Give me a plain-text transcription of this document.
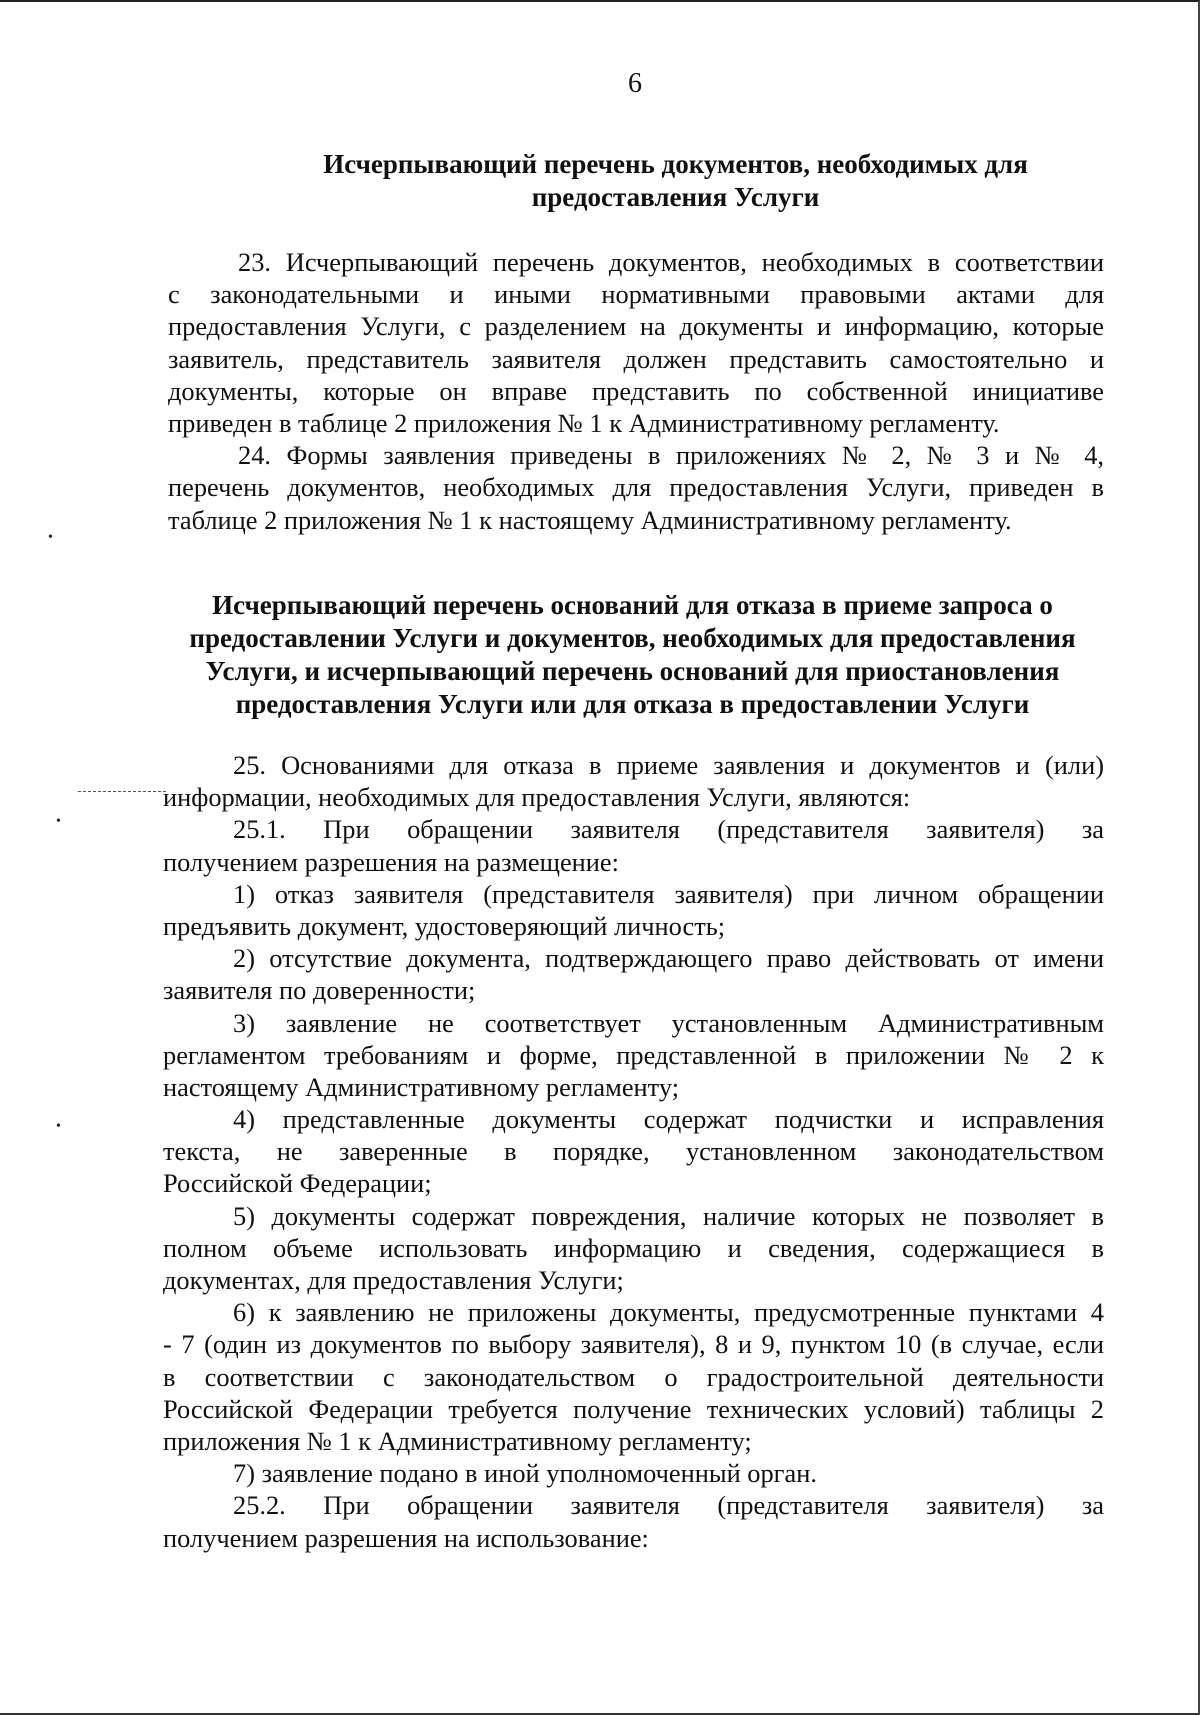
6
Исчерпывающий перечень документов, необходимых для
предоставления Услуги
23. Исчерпывающий перечень документов, необходимых в соответствии
с законодательными и иными нормативными правовыми актами для
предоставления Услуги, с разделением на документы и информацию, которые
заявитель, представитель заявителя должен представить самостоятельно и
документы, которые он вправе представить по собственной инициативе
приведен в таблице 2 приложения № 1 к Административному регламенту.
24. Формы заявления приведены в приложениях № 2, № 3 и № 4,
перечень документов, необходимых для предоставления Услуги, приведен в
таблице 2 приложения № 1 к настоящему Административному регламенту.
Исчерпывающий перечень оснований для отказа в приеме запроса о
предоставлении Услуги и документов, необходимых для предоставления
Услуги, и исчерпывающий перечень оснований для приостановления
предоставления Услуги или для отказа в предоставлении Услуги
25. Основаниями для отказа в приеме заявления и документов и (или)
информации, необходимых для предоставления Услуги, являются:
25.1. При обращении заявителя (представителя заявителя) за
получением разрешения на размещение:
1) отказ заявителя (представителя заявителя) при личном обращении
предъявить документ, удостоверяющий личность;
2) отсутствие документа, подтверждающего право действовать от имени
заявителя по доверенности;
3) заявление не соответствует установленным Административным
регламентом требованиям и форме, представленной в приложении № 2 к
настоящему Административному регламенту;
4) представленные документы содержат подчистки и исправления
текста, не заверенные в порядке, установленном законодательством
Российской Федерации;
5) документы содержат повреждения, наличие которых не позволяет в
полном объеме использовать информацию и сведения, содержащиеся в
документах, для предоставления Услуги;
6) к заявлению не приложены документы, предусмотренные пунктами 4
- 7 (один из документов по выбору заявителя), 8 и 9, пунктом 10 (в случае, если
в соответствии с законодательством о градостроительной деятельности
Российской Федерации требуется получение технических условий) таблицы 2
приложения № 1 к Административному регламенту;
7) заявление подано в иной уполномоченный орган.
25.2. При обращении заявителя (представителя заявителя) за
получением разрешения на использование:
•
•
•
